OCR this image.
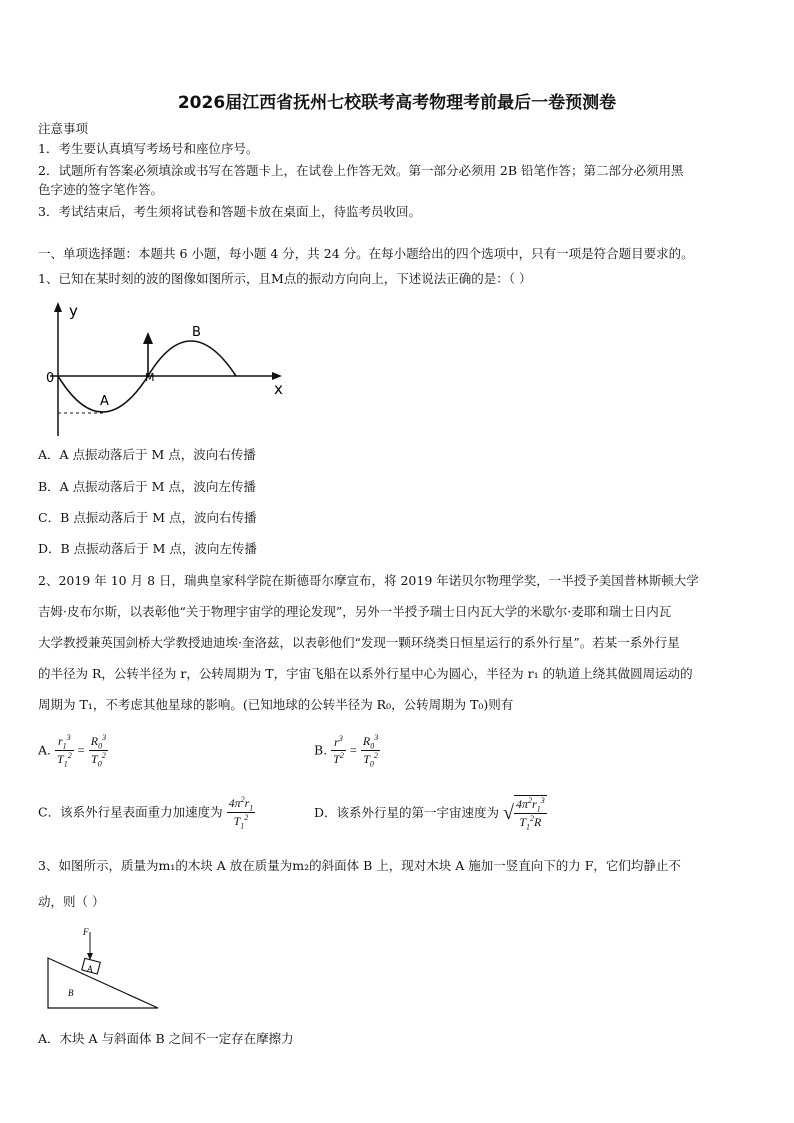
2026届江西省抚州七校联考高考物理考前最后一卷预测卷
注意事项
1．考生要认真填写考场号和座位序号。
2．试题所有答案必须填涂或书写在答题卡上，在试卷上作答无效。第一部分必须用 2B 铅笔作答；第二部分必须用黑
色字迹的签字笔作答。
3．考试结束后，考生须将试卷和答题卡放在桌面上，待监考员收回。
一、单项选择题：本题共 6 小题，每小题 4 分，共 24 分。在每小题给出的四个选项中，只有一项是符合题目要求的。
1、已知在某时刻的波的图像如图所示，且M点的振动方向向上，下述说法正确的是：（ ）
y
x
0
A
B
M
A．A 点振动落后于 M 点，波向右传播
B．A 点振动落后于 M 点，波向左传播
C．B 点振动落后于 M 点，波向右传播
D．B 点振动落后于 M 点，波向左传播
2、2019 年 10 月 8 日，瑞典皇家科学院在斯德哥尔摩宣布，将 2019 年诺贝尔物理学奖，一半授予美国普林斯顿大学
吉姆·皮布尔斯，以表彰他“关于物理宇宙学的理论发现”，另外一半授予瑞士日内瓦大学的米歇尔·麦耶和瑞士日内瓦
大学教授兼英国剑桥大学教授迪迪埃·奎洛兹，以表彰他们“发现一颗环绕类日恒星运行的系外行星”。若某一系外行星
的半径为 R，公转半径为 r，公转周期为 T，宇宙飞船在以系外行星中心为圆心，半径为 r₁ 的轨道上绕其做圆周运动的
周期为 T₁，不考虑其他星球的影响。(已知地球的公转半径为 R₀，公转周期为 T₀)则有
A. $\frac{r_1^3}{T_1^2} = \frac{R_0^3}{T_0^2}$	B. $\frac{r^3}{T^2} = \frac{R_0^3}{T_0^2}$
C．该系外行星表面重力加速度为 $\frac{4\pi^2r_1}{T_1^2}$	D．该系外行星的第一宇宙速度为 √ $\frac{4\pi^2r_1^3}{T_1^2R}$
3、如图所示，质量为m₁的木块 A 放在质量为m₂的斜面体 B 上，现对木块 A 施加一竖直向下的力 F，它们均静止不
动，则（ ）
F
A
B
A．木块 A 与斜面体 B 之间不一定存在摩擦力
